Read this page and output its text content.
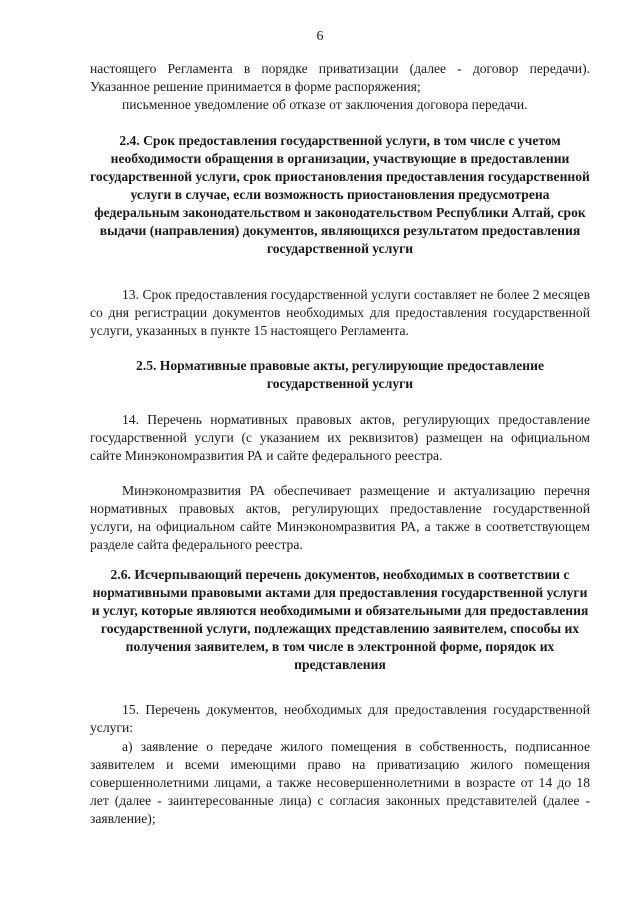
6

настоящего Регламента в порядке приватизации (далее - договор передачи). Указанное решение принимается в форме распоряжения;

письменное уведомление об отказе от заключения договора передачи.

2.4. Срок предоставления государственной услуги, в том числе с учетом необходимости обращения в организации, участвующие в предоставлении государственной услуги, срок приостановления предоставления государственной услуги в случае, если возможность приостановления предусмотрена федеральным законодательством и законодательством Республики Алтай, срок выдачи (направления) документов, являющихся результатом предоставления государственной услуги

13. Срок предоставления государственной услуги составляет не более 2 месяцев со дня регистрации документов необходимых для предоставления государственной услуги, указанных в пункте 15 настоящего Регламента.

2.5. Нормативные правовые акты, регулирующие предоставление государственной услуги

14. Перечень нормативных правовых актов, регулирующих предоставление государственной услуги (с указанием их реквизитов) размещен на официальном сайте Минэкономразвития РА и сайте федерального реестра.

Минэкономразвития РА обеспечивает размещение и актуализацию перечня нормативных правовых актов, регулирующих предоставление государственной услуги, на официальном сайте Минэкономразвития РА, а также в соответствующем разделе сайта федерального реестра.

2.6. Исчерпывающий перечень документов, необходимых в соответствии с нормативными правовыми актами для предоставления государственной услуги и услуг, которые являются необходимыми и обязательными для предоставления государственной услуги, подлежащих представлению заявителем, способы их получения заявителем, в том числе в электронной форме, порядок их представления

15. Перечень документов, необходимых для предоставления государственной услуги:

а) заявление о передаче жилого помещения в собственность, подписанное заявителем и всеми имеющими право на приватизацию жилого помещения совершеннолетними лицами, а также несовершеннолетними в возрасте от 14 до 18 лет (далее - заинтересованные лица) с согласия законных представителей (далее - заявление);
